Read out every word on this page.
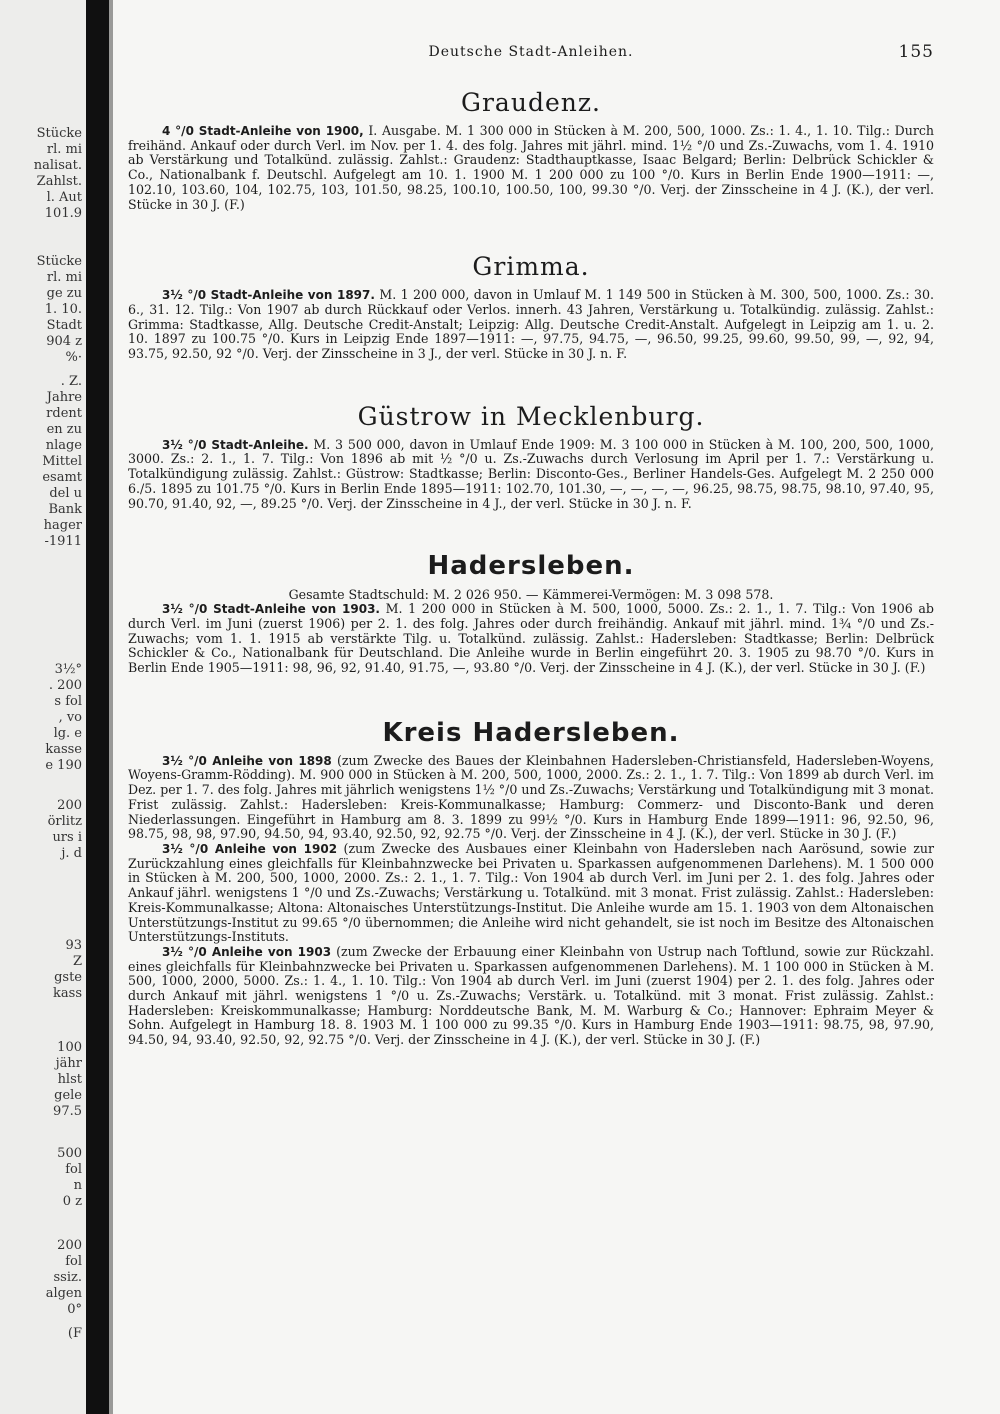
Stücke
rl. mi
nalisat.
Zahlst.
l. Aut
101.9
Stücke
rl. mi
ge zu
1. 10.
Stadt
904 z
%·
. Z.
Jahre
rdent
en zu
nlage
Mittel
esamt
del u
Bank
hager
-1911
3½°
. 200
s fol
, vo
lg. e
kasse
e 190
200
örlitz
urs i
j. d
93
Z
gste
kass
100
jähr
hlst
gele
97.5
500
fol
n
0 z
200
fol
ssiz.
algen
0°
(F
Deutsche Stadt-Anleihen.	155
Graudenz.

4 °/0 Stadt-Anleihe von 1900, I. Ausgabe. M. 1 300 000 in Stücken à M. 200, 500, 1000. Zs.: 1. 4., 1. 10. Tilg.: Durch freihänd. Ankauf oder durch Verl. im Nov. per 1. 4. des folg. Jahres mit jährl. mind. 1½ °/0 und Zs.-Zuwachs, vom 1. 4. 1910 ab Verstärkung und Totalkünd. zulässig. Zahlst.: Graudenz: Stadthauptkasse, Isaac Belgard; Berlin: Delbrück Schickler & Co., Nationalbank f. Deutschl. Aufgelegt am 10. 1. 1900 M. 1 200 000 zu 100 °/0. Kurs in Berlin Ende 1900—1911: —, 102.10, 103.60, 104, 102.75, 103, 101.50, 98.25, 100.10, 100.50, 100, 99.30 °/0. Verj. der Zinsscheine in 4 J. (K.), der verl. Stücke in 30 J. (F.)

Grimma.

3½ °/0 Stadt-Anleihe von 1897. M. 1 200 000, davon in Umlauf M. 1 149 500 in Stücken à M. 300, 500, 1000. Zs.: 30. 6., 31. 12. Tilg.: Von 1907 ab durch Rückkauf oder Verlos. innerh. 43 Jahren, Verstärkung u. Totalkündig. zulässig. Zahlst.: Grimma: Stadtkasse, Allg. Deutsche Credit-Anstalt; Leipzig: Allg. Deutsche Credit-Anstalt. Aufgelegt in Leipzig am 1. u. 2. 10. 1897 zu 100.75 °/0. Kurs in Leipzig Ende 1897—1911: —, 97.75, 94.75, —, 96.50, 99.25, 99.60, 99.50, 99, —, 92, 94, 93.75, 92.50, 92 °/0. Verj. der Zinsscheine in 3 J., der verl. Stücke in 30 J. n. F.

Güstrow in Mecklenburg.

3½ °/0 Stadt-Anleihe. M. 3 500 000, davon in Umlauf Ende 1909: M. 3 100 000 in Stücken à M. 100, 200, 500, 1000, 3000. Zs.: 2. 1., 1. 7. Tilg.: Von 1896 ab mit ½ °/0 u. Zs.-Zuwachs durch Verlosung im April per 1. 7.: Verstärkung u. Totalkündigung zulässig. Zahlst.: Güstrow: Stadtkasse; Berlin: Disconto-Ges., Berliner Handels-Ges. Aufgelegt M. 2 250 000 6./5. 1895 zu 101.75 °/0. Kurs in Berlin Ende 1895—1911: 102.70, 101.30, —, —, —, —, 96.25, 98.75, 98.75, 98.10, 97.40, 95, 90.70, 91.40, 92, —, 89.25 °/0. Verj. der Zinsscheine in 4 J., der verl. Stücke in 30 J. n. F.

Hadersleben.

Gesamte Stadtschuld: M. 2 026 950. — Kämmerei-Vermögen: M. 3 098 578.

3½ °/0 Stadt-Anleihe von 1903. M. 1 200 000 in Stücken à M. 500, 1000, 5000. Zs.: 2. 1., 1. 7. Tilg.: Von 1906 ab durch Verl. im Juni (zuerst 1906) per 2. 1. des folg. Jahres oder durch freihändig. Ankauf mit jährl. mind. 1¾ °/0 und Zs.-Zuwachs; vom 1. 1. 1915 ab verstärkte Tilg. u. Totalkünd. zulässig. Zahlst.: Hadersleben: Stadtkasse; Berlin: Delbrück Schickler & Co., Nationalbank für Deutschland. Die Anleihe wurde in Berlin eingeführt 20. 3. 1905 zu 98.70 °/0. Kurs in Berlin Ende 1905—1911: 98, 96, 92, 91.40, 91.75, —, 93.80 °/0. Verj. der Zinsscheine in 4 J. (K.), der verl. Stücke in 30 J. (F.)

Kreis Hadersleben.

3½ °/0 Anleihe von 1898 (zum Zwecke des Baues der Kleinbahnen Hadersleben-Christiansfeld, Hadersleben-Woyens, Woyens-Gramm-Rödding). M. 900 000 in Stücken à M. 200, 500, 1000, 2000. Zs.: 2. 1., 1. 7. Tilg.: Von 1899 ab durch Verl. im Dez. per 1. 7. des folg. Jahres mit jährlich wenigstens 1½ °/0 und Zs.-Zuwachs; Verstärkung und Totalkündigung mit 3 monat. Frist zulässig. Zahlst.: Hadersleben: Kreis-Kommunalkasse; Hamburg: Commerz- und Disconto-Bank und deren Niederlassungen. Eingeführt in Hamburg am 8. 3. 1899 zu 99½ °/0. Kurs in Hamburg Ende 1899—1911: 96, 92.50, 96, 98.75, 98, 98, 97.90, 94.50, 94, 93.40, 92.50, 92, 92.75 °/0. Verj. der Zinsscheine in 4 J. (K.), der verl. Stücke in 30 J. (F.)

3½ °/0 Anleihe von 1902 (zum Zwecke des Ausbaues einer Kleinbahn von Hadersleben nach Aarösund, sowie zur Zurückzahlung eines gleichfalls für Kleinbahnzwecke bei Privaten u. Sparkassen aufgenommenen Darlehens). M. 1 500 000 in Stücken à M. 200, 500, 1000, 2000. Zs.: 2. 1., 1. 7. Tilg.: Von 1904 ab durch Verl. im Juni per 2. 1. des folg. Jahres oder Ankauf jährl. wenigstens 1 °/0 und Zs.-Zuwachs; Verstärkung u. Totalkünd. mit 3 monat. Frist zulässig. Zahlst.: Hadersleben: Kreis-Kommunalkasse; Altona: Altonaisches Unterstützungs-Institut. Die Anleihe wurde am 15. 1. 1903 von dem Altonaischen Unterstützungs-Institut zu 99.65 °/0 übernommen; die Anleihe wird nicht gehandelt, sie ist noch im Besitze des Altonaischen Unterstützungs-Instituts.

3½ °/0 Anleihe von 1903 (zum Zwecke der Erbauung einer Kleinbahn von Ustrup nach Toftlund, sowie zur Rückzahl. eines gleichfalls für Kleinbahnzwecke bei Privaten u. Sparkassen aufgenommenen Darlehens). M. 1 100 000 in Stücken à M. 500, 1000, 2000, 5000. Zs.: 1. 4., 1. 10. Tilg.: Von 1904 ab durch Verl. im Juni (zuerst 1904) per 2. 1. des folg. Jahres oder durch Ankauf mit jährl. wenigstens 1 °/0 u. Zs.-Zuwachs; Verstärk. u. Totalkünd. mit 3 monat. Frist zulässig. Zahlst.: Hadersleben: Kreiskommunalkasse; Hamburg: Norddeutsche Bank, M. M. Warburg & Co.; Hannover: Ephraim Meyer & Sohn. Aufgelegt in Hamburg 18. 8. 1903 M. 1 100 000 zu 99.35 °/0. Kurs in Hamburg Ende 1903—1911: 98.75, 98, 97.90, 94.50, 94, 93.40, 92.50, 92, 92.75 °/0. Verj. der Zinsscheine in 4 J. (K.), der verl. Stücke in 30 J. (F.)
